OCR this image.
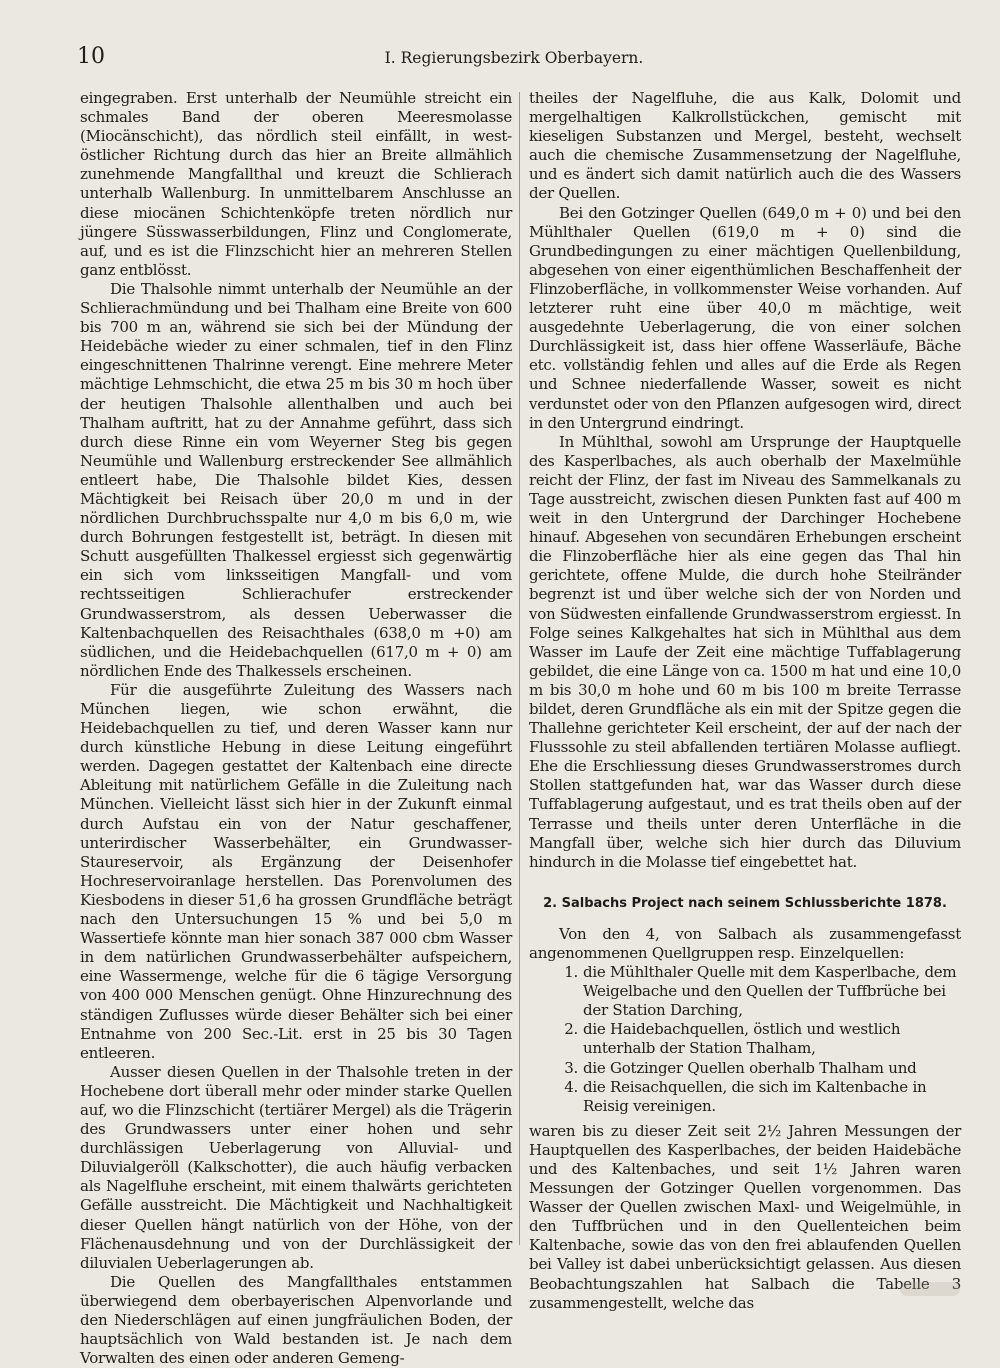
10	I. Regierungsbezirk Oberbayern.

eingegraben. Erst unterhalb der Neumühle streicht ein schmales Band der oberen Meeresmolasse (Miocänschicht), das nördlich steil einfällt, in west-östlicher Richtung durch das hier an Breite allmählich zunehmende Mangfallthal und kreuzt die Schlierach unterhalb Wallenburg. In unmittelbarem Anschlusse an diese miocänen Schichtenköpfe treten nördlich nur jüngere Süsswasserbildungen, Flinz und Conglomerate, auf, und es ist die Flinzschicht hier an mehreren Stellen ganz entblösst.

Die Thalsohle nimmt unterhalb der Neumühle an der Schlierachmündung und bei Thalham eine Breite von 600 bis 700 m an, während sie sich bei der Mündung der Heidebäche wieder zu einer schmalen, tief in den Flinz eingeschnittenen Thalrinne verengt. Eine mehrere Meter mächtige Lehmschicht, die etwa 25 m bis 30 m hoch über der heutigen Thalsohle allenthalben und auch bei Thalham auftritt, hat zu der Annahme geführt, dass sich durch diese Rinne ein vom Weyerner Steg bis gegen Neumühle und Wallenburg erstreckender See allmählich entleert habe, Die Thalsohle bildet Kies, dessen Mächtigkeit bei Reisach über 20,0 m und in der nördlichen Durchbruchsspalte nur 4,0 m bis 6,0 m, wie durch Bohrungen festgestellt ist, beträgt. In diesen mit Schutt ausgefüllten Thalkessel ergiesst sich gegenwärtig ein sich vom linksseitigen Mangfall- und vom rechtsseitigen Schlierachufer erstreckender Grundwasserstrom, als dessen Ueberwasser die Kaltenbachquellen des Reisachthales (638,0 m +0) am südlichen, und die Heidebachquellen (617,0 m + 0) am nördlichen Ende des Thalkessels erscheinen.

Für die ausgeführte Zuleitung des Wassers nach München liegen, wie schon erwähnt, die Heidebachquellen zu tief, und deren Wasser kann nur durch künstliche Hebung in diese Leitung eingeführt werden. Dagegen gestattet der Kaltenbach eine directe Ableitung mit natürlichem Gefälle in die Zuleitung nach München. Vielleicht lässt sich hier in der Zukunft einmal durch Aufstau ein von der Natur geschaffener, unterirdischer Wasserbehälter, ein Grundwasser-Staureservoir, als Ergänzung der Deisenhofer Hochreservoiranlage herstellen. Das Porenvolumen des Kiesbodens in dieser 51,6 ha grossen Grundfläche beträgt nach den Untersuchungen 15 % und bei 5,0 m Wassertiefe könnte man hier sonach 387 000 cbm Wasser in dem natürlichen Grundwasserbehälter aufspeichern, eine Wassermenge, welche für die 6 tägige Versorgung von 400 000 Menschen genügt. Ohne Hinzurechnung des ständigen Zuflusses würde dieser Behälter sich bei einer Entnahme von 200 Sec.-Lit. erst in 25 bis 30 Tagen entleeren.

Ausser diesen Quellen in der Thalsohle treten in der Hochebene dort überall mehr oder minder starke Quellen auf, wo die Flinzschicht (tertiärer Mergel) als die Trägerin des Grundwassers unter einer hohen und sehr durchlässigen Ueberlagerung von Alluvial- und Diluvialgeröll (Kalkschotter), die auch häufig verbacken als Nagelfluhe erscheint, mit einem thalwärts gerichteten Gefälle ausstreicht. Die Mächtigkeit und Nachhaltigkeit dieser Quellen hängt natürlich von der Höhe, von der Flächenausdehnung und von der Durchlässigkeit der diluvialen Ueberlagerungen ab.

Die Quellen des Mangfallthales entstammen überwiegend dem oberbayerischen Alpenvorlande und den Niederschlägen auf einen jungfräulichen Boden, der hauptsächlich von Wald bestanden ist. Je nach dem Vorwalten des einen oder anderen Gemeng-

theiles der Nagelfluhe, die aus Kalk, Dolomit und mergelhaltigen Kalkrollstückchen, gemischt mit kieseligen Substanzen und Mergel, besteht, wechselt auch die chemische Zusammensetzung der Nagelfluhe, und es ändert sich damit natürlich auch die des Wassers der Quellen.

Bei den Gotzinger Quellen (649,0 m + 0) und bei den Mühlthaler Quellen (619,0 m + 0) sind die Grundbedingungen zu einer mächtigen Quellenbildung, abgesehen von einer eigenthümlichen Beschaffenheit der Flinzoberfläche, in vollkommenster Weise vorhanden. Auf letzterer ruht eine über 40,0 m mächtige, weit ausgedehnte Ueberlagerung, die von einer solchen Durchlässigkeit ist, dass hier offene Wasserläufe, Bäche etc. vollständig fehlen und alles auf die Erde als Regen und Schnee niederfallende Wasser, soweit es nicht verdunstet oder von den Pflanzen aufgesogen wird, direct in den Untergrund eindringt.

In Mühlthal, sowohl am Ursprunge der Hauptquelle des Kasperlbaches, als auch oberhalb der Maxelmühle reicht der Flinz, der fast im Niveau des Sammelkanals zu Tage ausstreicht, zwischen diesen Punkten fast auf 400 m weit in den Untergrund der Darchinger Hochebene hinauf. Abgesehen von secundären Erhebungen erscheint die Flinzoberfläche hier als eine gegen das Thal hin gerichtete, offene Mulde, die durch hohe Steilränder begrenzt ist und über welche sich der von Norden und von Südwesten einfallende Grundwasserstrom ergiesst. In Folge seines Kalkgehaltes hat sich in Mühlthal aus dem Wasser im Laufe der Zeit eine mächtige Tuffablagerung gebildet, die eine Länge von ca. 1500 m hat und eine 10,0 m bis 30,0 m hohe und 60 m bis 100 m breite Terrasse bildet, deren Grundfläche als ein mit der Spitze gegen die Thallehne gerichteter Keil erscheint, der auf der nach der Flusssohle zu steil abfallenden tertiären Molasse aufliegt. Ehe die Erschliessung dieses Grundwasserstromes durch Stollen stattgefunden hat, war das Wasser durch diese Tuffablagerung aufgestaut, und es trat theils oben auf der Terrasse und theils unter deren Unterfläche in die Mangfall über, welche sich hier durch das Diluvium hindurch in die Molasse tief eingebettet hat.

2. Salbachs Project nach seinem Schlussberichte 1878.

Von den 4, von Salbach als zusammengefasst angenommenen Quellgruppen resp. Einzelquellen:

1. die Mühlthaler Quelle mit dem Kasperlbache, dem Weigelbache und den Quellen der Tuffbrüche bei der Station Darching,
2. die Haidebachquellen, östlich und westlich unterhalb der Station Thalham,
3. die Gotzinger Quellen oberhalb Thalham und
4. die Reisachquellen, die sich im Kaltenbache in Reisig vereinigen.

waren bis zu dieser Zeit seit 2½ Jahren Messungen der Hauptquellen des Kasperlbaches, der beiden Haidebäche und des Kaltenbaches, und seit 1½ Jahren waren Messungen der Gotzinger Quellen vorgenommen. Das Wasser der Quellen zwischen Maxl- und Weigelmühle, in den Tuffbrüchen und in den Quellenteichen beim Kaltenbache, sowie das von den frei ablaufenden Quellen bei Valley ist dabei unberücksichtigt gelassen. Aus diesen Beobachtungszahlen hat Salbach die Tabelle 3 zusammengestellt, welche das
